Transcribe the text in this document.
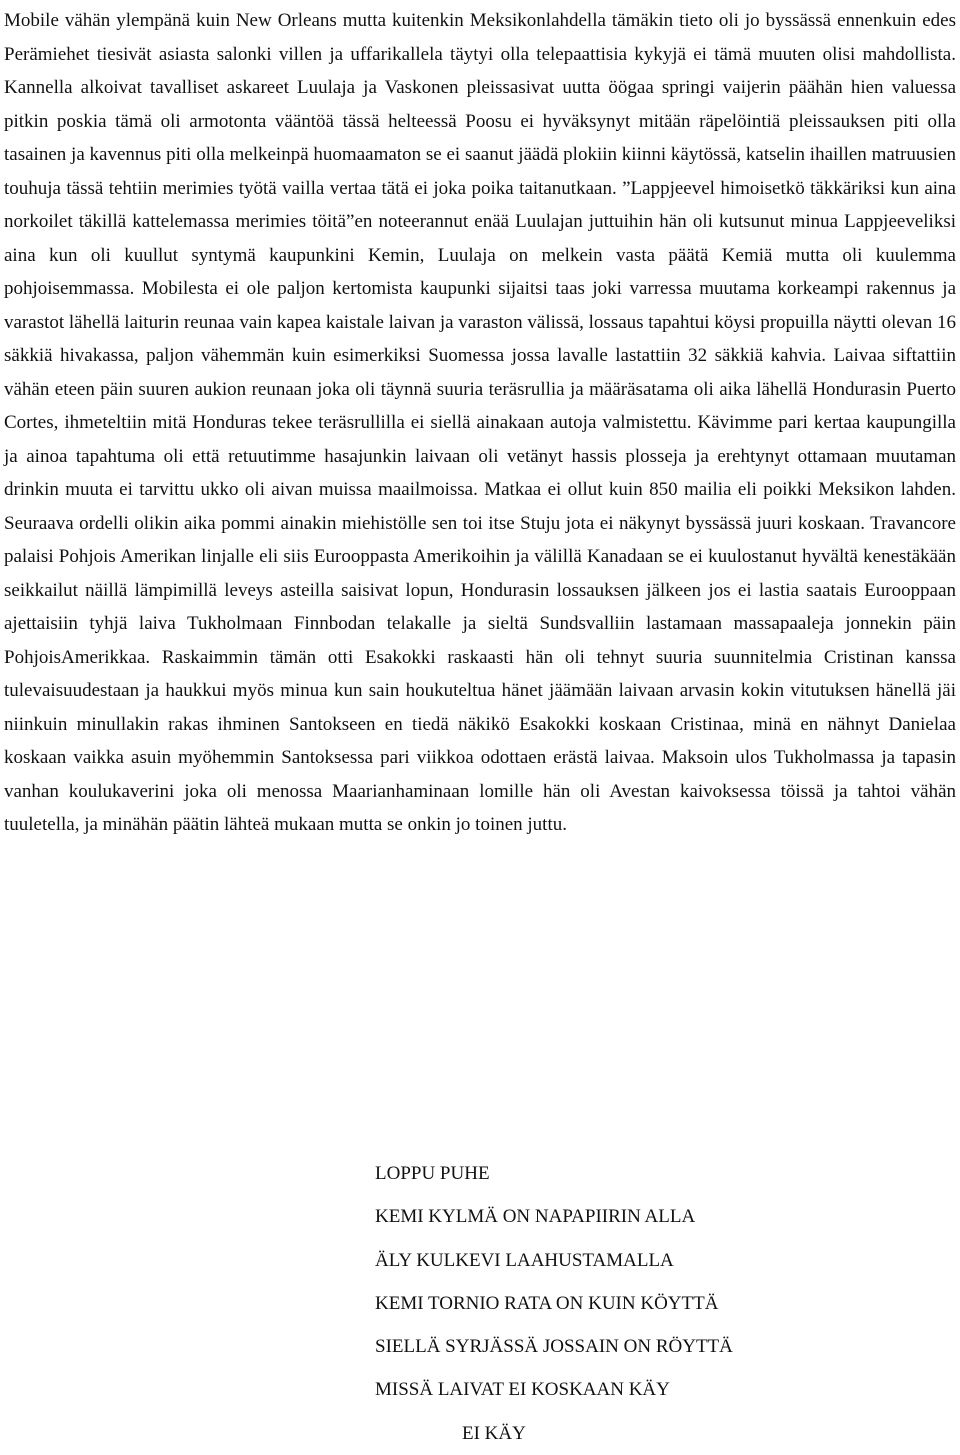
Mobile vähän ylempänä kuin New Orleans mutta kuitenkin Meksikonlahdella tämäkin tieto oli jo byssässä ennenkuin edes Perämiehet tiesivät asiasta salonki villen ja uffarikallela täytyi olla telepaattisia kykyjä ei tämä muuten olisi mahdollista. Kannella alkoivat tavalliset askareet Luulaja ja Vaskonen pleissasivat uutta öögaa springi vaijerin päähän hien valuessa pitkin poskia tämä oli armotonta vääntöä tässä helteessä Poosu ei hyväksynyt mitään räpelöintiä pleissauksen piti olla tasainen ja kavennus piti olla melkeinpä huomaamaton se ei saanut jäädä plokiin kiinni käytössä, katselin ihaillen matruusien touhuja tässä tehtiin merimies työtä vailla vertaa tätä ei joka poika taitanutkaan. ”Lappjeevel himoisetkö täkkäriksi kun aina norkoilet täkillä kattelemassa merimies töitä”en noteerannut enää Luulajan juttuihin hän oli kutsunut minua Lappjeeveliksi aina kun oli kuullut syntymä kaupunkini Kemin, Luulaja on melkein vasta päätä Kemiä mutta oli kuulemma pohjoisemmassa. Mobilesta ei ole paljon kertomista kaupunki sijaitsi taas joki varressa muutama korkeampi rakennus ja varastot lähellä laiturin reunaa vain kapea kaistale laivan ja varaston välissä, lossaus tapahtui köysi propuilla näytti olevan 16 säkkiä hivakassa, paljon vähemmän kuin esimerkiksi Suomessa jossa lavalle lastattiin 32 säkkiä kahvia. Laivaa siftattiin vähän eteen päin suuren aukion reunaan joka oli täynnä suuria teräsrullia ja määräsatama oli aika lähellä Hondurasin Puerto Cortes, ihmeteltiin mitä Honduras tekee teräsrullilla ei siellä ainakaan autoja valmistettu. Kävimme pari kertaa kaupungilla ja ainoa tapahtuma oli että retuutimme hasajunkin laivaan oli vetänyt hassis plosseja ja erehtynyt ottamaan muutaman drinkin muuta ei tarvittu ukko oli aivan muissa maailmoissa. Matkaa ei ollut kuin 850 mailia eli poikki Meksikon lahden. Seuraava ordelli olikin aika pommi ainakin miehistölle sen toi itse Stuju jota ei näkynyt byssässä juuri koskaan. Travancore palaisi Pohjois Amerikan linjalle eli siis Eurooppasta Amerikoihin ja välillä Kanadaan se ei kuulostanut hyvältä kenestäkään seikkailut näillä lämpimillä leveys asteilla saisivat lopun, Hondurasin lossauksen jälkeen jos ei lastia saatais Eurooppaan ajettaisiin tyhjä laiva Tukholmaan Finnbodan telakalle ja sieltä Sundsvalliin lastamaan massapaaleja jonnekin päin PohjoisAmerikkaa. Raskaimmin tämän otti Esakokki raskaasti hän oli tehnyt suuria suunnitelmia Cristinan kanssa tulevaisuudestaan ja haukkui myös minua kun sain houkuteltua hänet jäämään laivaan arvasin kokin vitutuksen hänellä jäi niinkuin minullakin rakas ihminen Santokseen en tiedä näkikö Esakokki koskaan Cristinaa, minä en nähnyt Danielaa koskaan vaikka asuin myöhemmin Santoksessa pari viikkoa odottaen erästä laivaa. Maksoin ulos Tukholmassa ja tapasin vanhan koulukaverini joka oli menossa Maarianhaminaan lomille hän oli Avestan kaivoksessa töissä ja tahtoi vähän tuuletella, ja minähän päätin lähteä mukaan mutta se onkin jo toinen juttu.

LOPPU PUHE
KEMI KYLMÄ ON NAPAPIIRIN ALLA
ÄLY KULKEVI LAAHUSTAMALLA
KEMI TORNIO RATA ON KUIN KÖYTTÄ
SIELLÄ SYRJÄSSÄ JOSSAIN ON RÖYTTÄ
MISSÄ LAIVAT EI KOSKAAN KÄY
EI KÄY
